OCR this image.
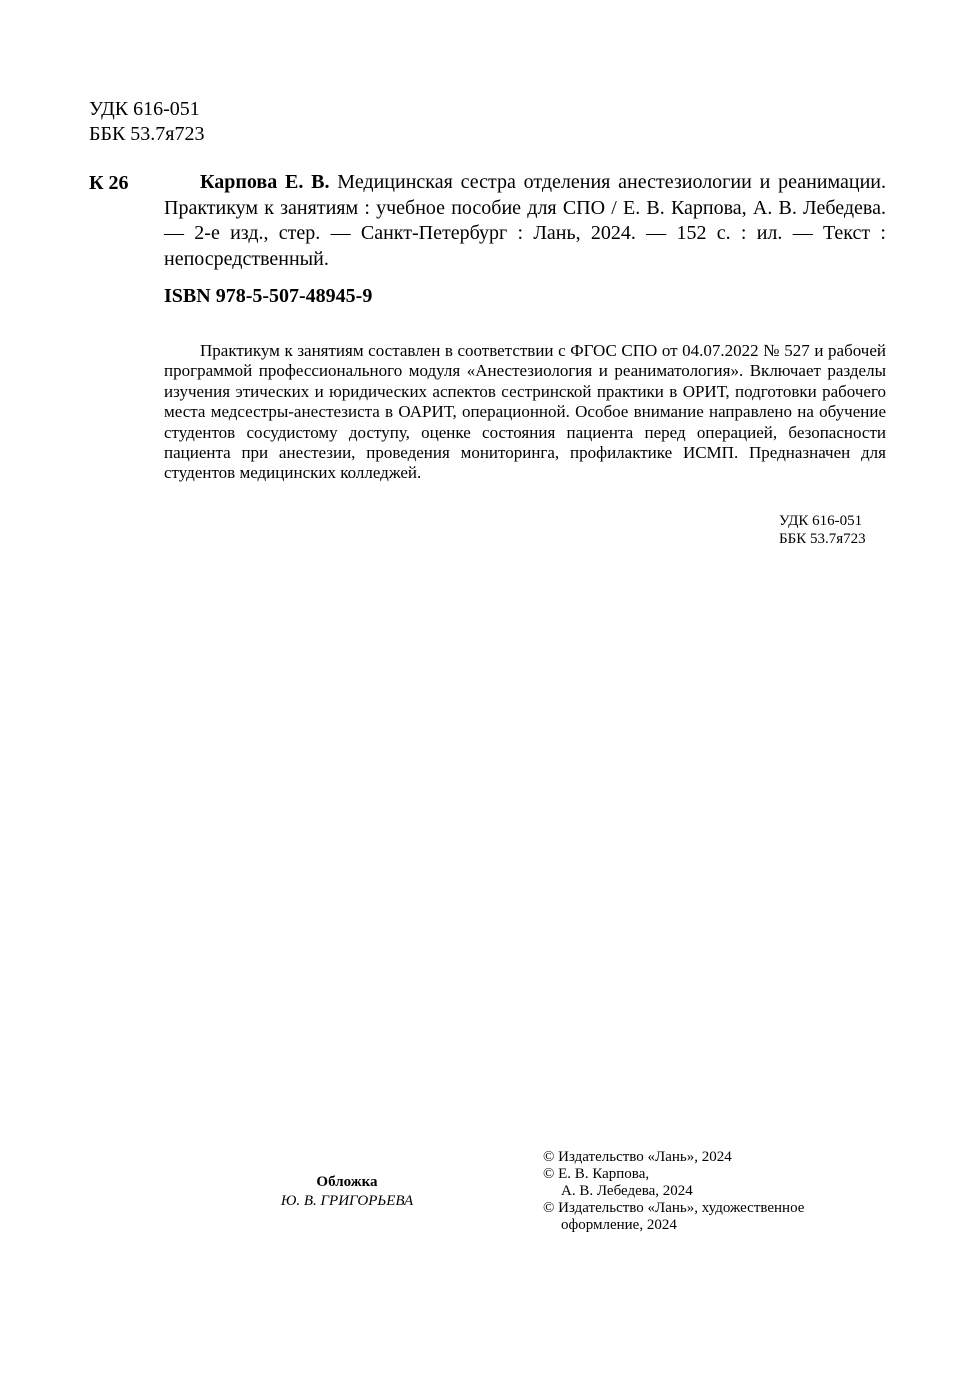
УДК 616-051
ББК 53.7я723
К 26	Карпова Е. В. Медицинская сестра отделения анестезиологии и реанимации. Практикум к занятиям : учебное пособие для СПО / Е. В. Карпова, А. В. Лебедева. — 2-е изд., стер. — Санкт-Петербург : Лань, 2024. — 152 с. : ил. — Текст : непосредственный.
ISBN 978-5-507-48945-9
Практикум к занятиям составлен в соответствии с ФГОС СПО от 04.07.2022 № 527 и рабочей программой профессионального модуля «Анестезиология и реаниматология». Включает разделы изучения этических и юридических аспектов сестринской практики в ОРИТ, подготовки рабочего места медсестры-анестезиста в ОАРИТ, операционной. Особое внимание направлено на обучение студентов сосудистому доступу, оценке состояния пациента перед операцией, безопасности пациента при анестезии, проведения мониторинга, профилактике ИСМП. Предназначен для студентов медицинских колледжей.
УДК 616-051
ББК 53.7я723
Обложка
Ю. В. ГРИГОРЬЕВА
© Издательство «Лань», 2024
© Е. В. Карпова,
А. В. Лебедева, 2024
© Издательство «Лань», художественное
оформление, 2024
